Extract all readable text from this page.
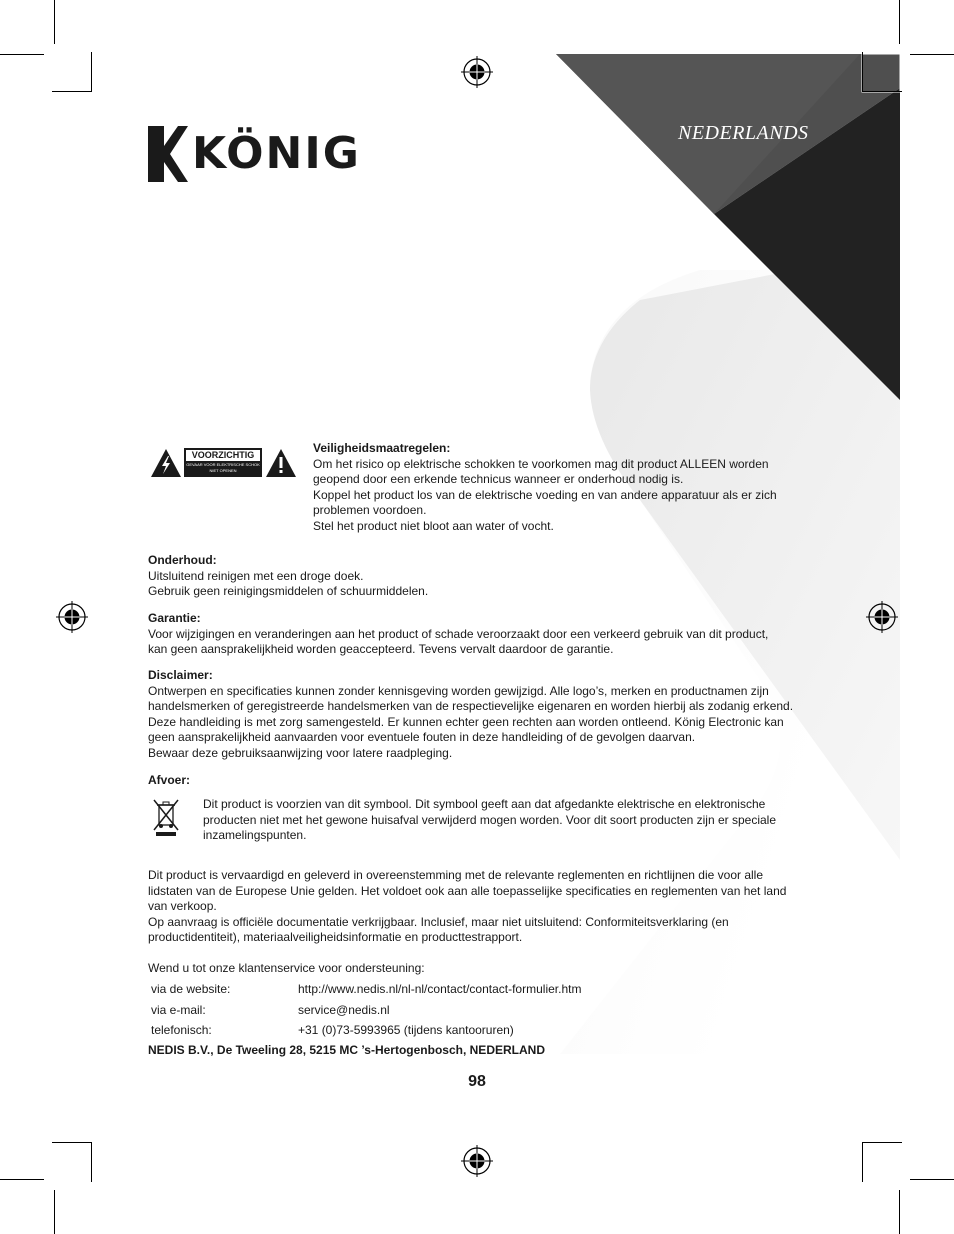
KÖNIG	NEDERLANDS
VOORZICHTIG
GEVAAR VOOR ELEKTRISCHE SCHOK
NIET OPENEN
Veiligheidsmaatregelen:
Om het risico op elektrische schokken te voorkomen mag dit product ALLEEN worden
geopend door een erkende technicus wanneer er onderhoud nodig is.
Koppel het product los van de elektrische voeding en van andere apparatuur als er zich
problemen voordoen.
Stel het product niet bloot aan water of vocht.
Onderhoud:
Uitsluitend reinigen met een droge doek.
Gebruik geen reinigingsmiddelen of schuurmiddelen.
Garantie:
Voor wijzigingen en veranderingen aan het product of schade veroorzaakt door een verkeerd gebruik van dit product,
kan geen aansprakelijkheid worden geaccepteerd. Tevens vervalt daardoor de garantie.
Disclaimer:
Ontwerpen en specificaties kunnen zonder kennisgeving worden gewijzigd. Alle logo’s, merken en productnamen zijn
handelsmerken of geregistreerde handelsmerken van de respectievelijke eigenaren en worden hierbij als zodanig erkend.
Deze handleiding is met zorg samengesteld. Er kunnen echter geen rechten aan worden ontleend. König Electronic kan
geen aansprakelijkheid aanvaarden voor eventuele fouten in deze handleiding of de gevolgen daarvan.
Bewaar deze gebruiksaanwijzing voor latere raadpleging.
Afvoer:
Dit product is voorzien van dit symbool. Dit symbool geeft aan dat afgedankte elektrische en elektronische
producten niet met het gewone huisafval verwijderd mogen worden. Voor dit soort producten zijn er speciale
inzamelingspunten.
Dit product is vervaardigd en geleverd in overeenstemming met de relevante reglementen en richtlijnen die voor alle
lidstaten van de Europese Unie gelden. Het voldoet ook aan alle toepasselijke specificaties en reglementen van het land
van verkoop.
Op aanvraag is officiële documentatie verkrijgbaar. Inclusief, maar niet uitsluitend: Conformiteitsverklaring (en
productidentiteit), materiaalveiligheidsinformatie en producttestrapport.
Wend u tot onze klantenservice voor ondersteuning:
via de website:	http://www.nedis.nl/nl-nl/contact/contact-formulier.htm
via e-mail:	service@nedis.nl
telefonisch:	+31 (0)73-5993965 (tijdens kantooruren)
NEDIS B.V., De Tweeling 28, 5215 MC ’s-Hertogenbosch, NEDERLAND
98
